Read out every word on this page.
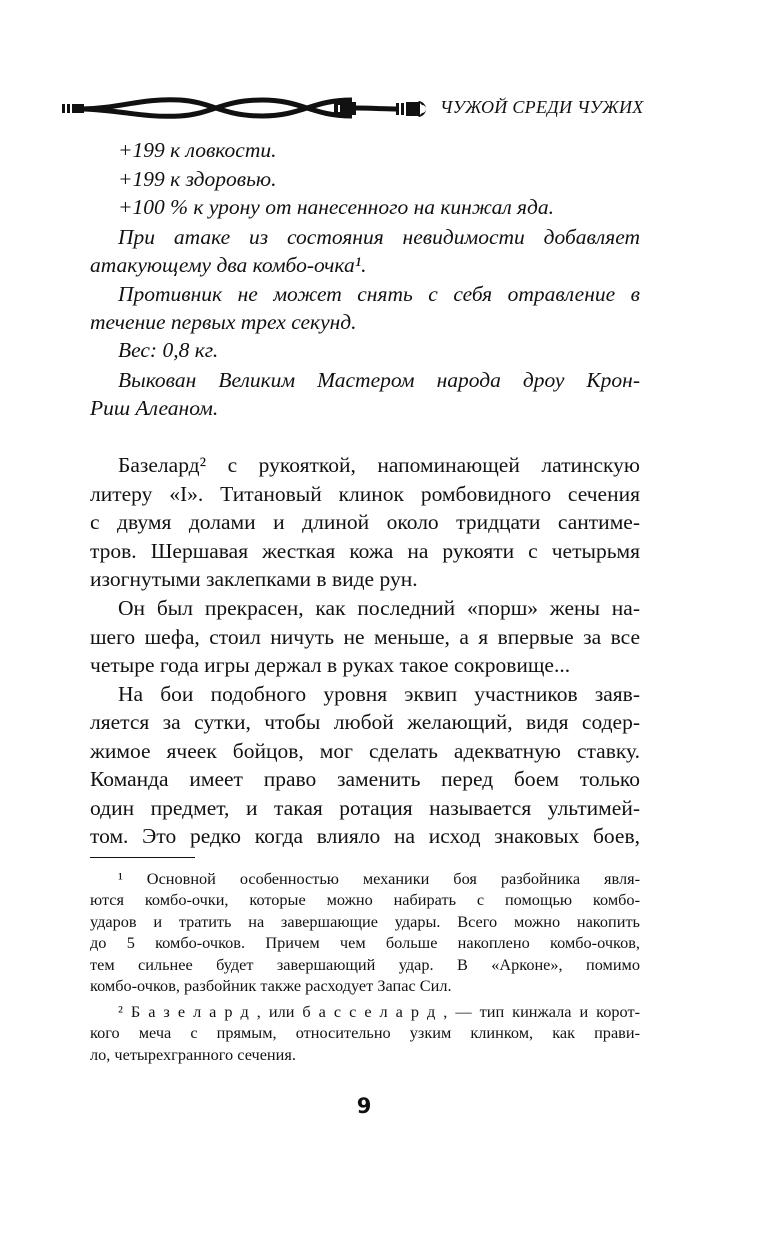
ЧУЖОЙ СРЕДИ ЧУЖИХ
+199 к ловкости.
+199 к здоровью.
+100 % к урону от нанесенного на кинжал яда.
При атаке из состояния невидимости добавляет
атакующему два комбо-очка¹.
Противник не может снять с себя отравление в
течение первых трех секунд.
Вес: 0,8 кг.
Выкован Великим Мастером народа дроу Крон-
Риш Алеаном.
Базелард² с рукояткой, напоминающей латинскую
литеру «I». Титановый клинок ромбовидного сечения
с двумя долами и длиной около тридцати сантиме-
тров. Шершавая жесткая кожа на рукояти с четырьмя
изогнутыми заклепками в виде рун.
Он был прекрасен, как последний «порш» жены на-
шего шефа, стоил ничуть не меньше, а я впервые за все
четыре года игры держал в руках такое сокровище...
На бои подобного уровня эквип участников заяв-
ляется за сутки, чтобы любой желающий, видя содер-
жимое ячеек бойцов, мог сделать адекватную ставку.
Команда имеет право заменить перед боем только
один предмет, и такая ротация называется ультимей-
том. Это редко когда влияло на исход знаковых боев,
¹ Основной особенностью механики боя разбойника явля-
ются комбо-очки, которые можно набирать с помощью комбо-
ударов и тратить на завершающие удары. Всего можно накопить
до 5 комбо-очков. Причем чем больше накоплено комбо-очков,
тем сильнее будет завершающий удар. В «Арконе», помимо
комбо-очков, разбойник также расходует Запас Сил.
² Б а з е л а р д , или б а с с е л а р д , — тип кинжала и корот-
кого меча с прямым, относительно узким клинком, как прави-
ло, четырехгранного сечения.
9
